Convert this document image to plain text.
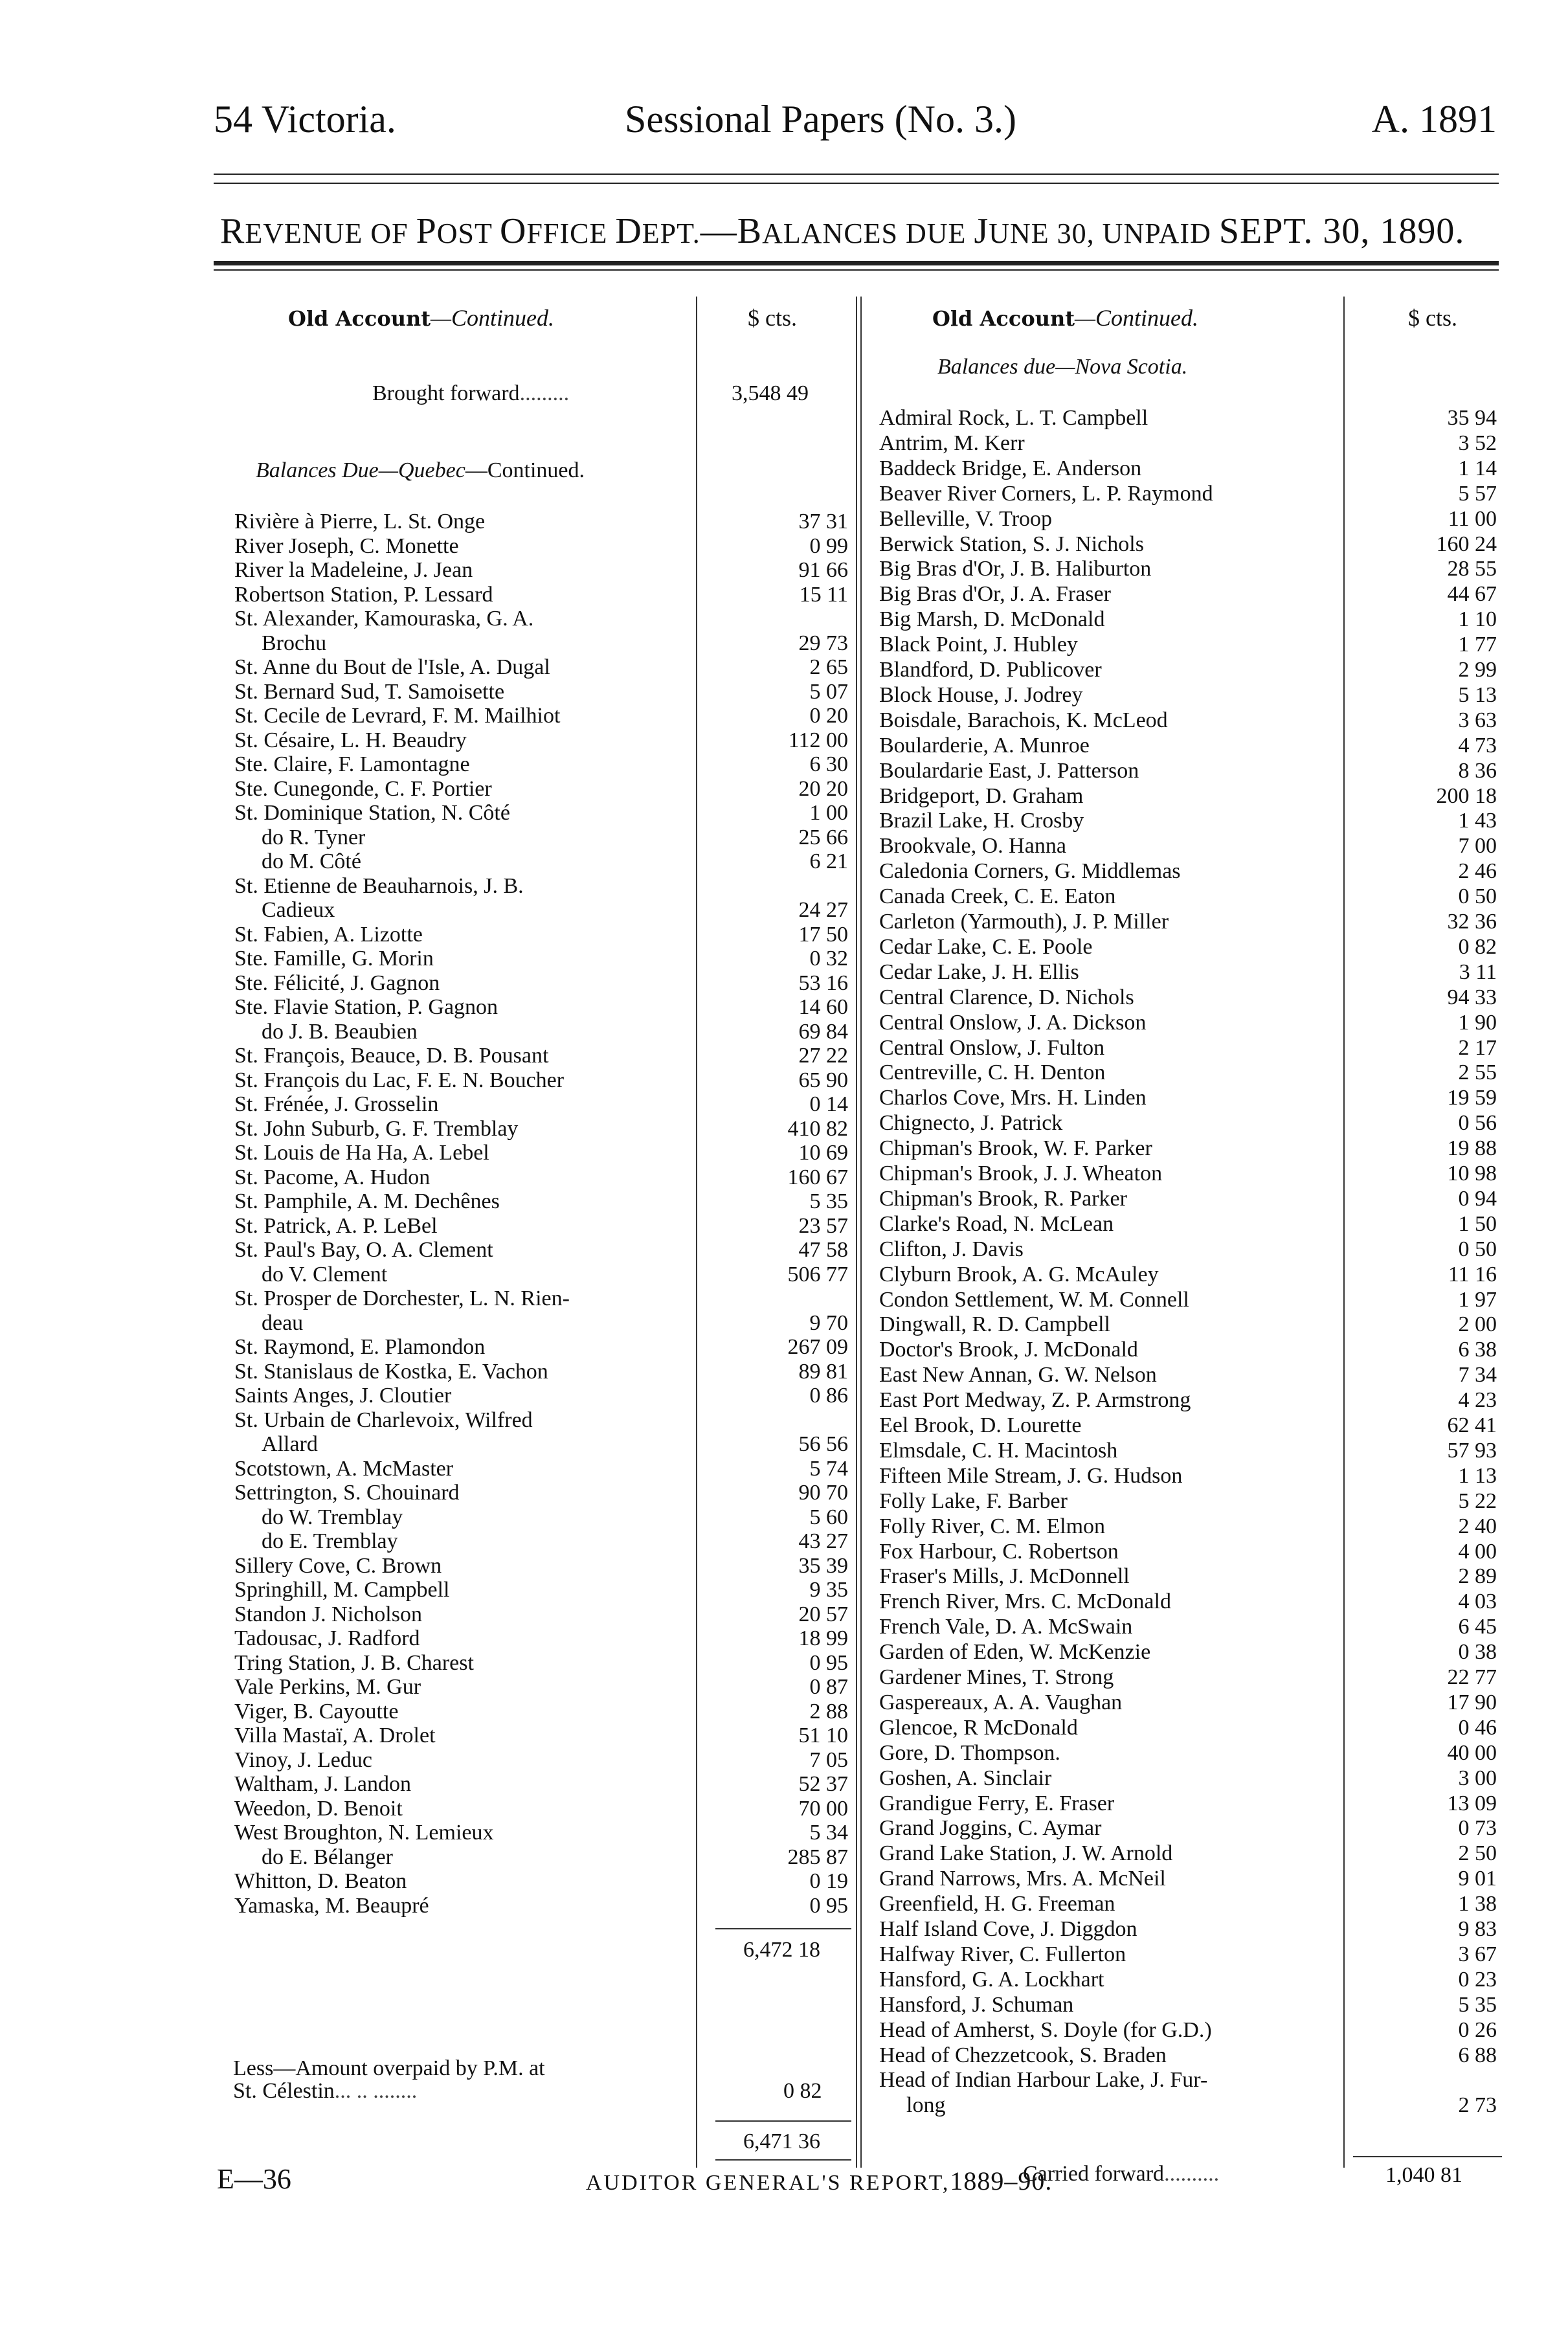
54 Victoria.	Sessional Papers (No. 3.)	A. 1891
REVENUE OF POST OFFICE DEPT.—BALANCES DUE JUNE 30, UNPAID SEPT. 30, 1890.
Old Account—Continued.	$ cts.	Old Account—Continued.	$ cts.
Brought forward.........	3,548 49
Balances Due—Quebec—Continued.
Rivière à Pierre, L. St. Onge	37 31
River Joseph, C. Monette	0 99
River la Madeleine, J. Jean	91 66
Robertson Station, P. Lessard	15 11
St. Alexander, Kamouraska, G. A.
Brochu	29 73
St. Anne du Bout de l'Isle, A. Dugal	2 65
St. Bernard Sud, T. Samoisette	5 07
St. Cecile de Levrard, F. M. Mailhiot	0 20
St. Césaire, L. H. Beaudry	112 00
Ste. Claire, F. Lamontagne	6 30
Ste. Cunegonde, C. F. Portier	20 20
St. Dominique Station, N. Côté	1 00
do R. Tyner	25 66
do M. Côté	6 21
St. Etienne de Beauharnois, J. B.
Cadieux	24 27
St. Fabien, A. Lizotte	17 50
Ste. Famille, G. Morin	0 32
Ste. Félicité, J. Gagnon	53 16
Ste. Flavie Station, P. Gagnon	14 60
do J. B. Beaubien	69 84
St. François, Beauce, D. B. Pousant	27 22
St. François du Lac, F. E. N. Boucher	65 90
St. Frénée, J. Grosselin	0 14
St. John Suburb, G. F. Tremblay	410 82
St. Louis de Ha Ha, A. Lebel	10 69
St. Pacome, A. Hudon	160 67
St. Pamphile, A. M. Dechênes	5 35
St. Patrick, A. P. LeBel	23 57
St. Paul's Bay, O. A. Clement	47 58
do V. Clement	506 77
St. Prosper de Dorchester, L. N. Rien-
deau	9 70
St. Raymond, E. Plamondon	267 09
St. Stanislaus de Kostka, E. Vachon	89 81
Saints Anges, J. Cloutier	0 86
St. Urbain de Charlevoix, Wilfred
Allard	56 56
Scotstown, A. McMaster	5 74
Settrington, S. Chouinard	90 70
do W. Tremblay	5 60
do E. Tremblay	43 27
Sillery Cove, C. Brown	35 39
Springhill, M. Campbell	9 35
Standon J. Nicholson	20 57
Tadousac, J. Radford	18 99
Tring Station, J. B. Charest	0 95
Vale Perkins, M. Gur	0 87
Viger, B. Cayoutte	2 88
Villa Mastaï, A. Drolet	51 10
Vinoy, J. Leduc	7 05
Waltham, J. Landon	52 37
Weedon, D. Benoit	70 00
West Broughton, N. Lemieux	5 34
do E. Bélanger	285 87
Whitton, D. Beaton	0 19
Yamaska, M. Beaupré	0 95
6,472 18
Less—Amount overpaid by P.M. at
St. Célestin... .. ........	0 82
6,471 36
Balances due—Nova Scotia.
Admiral Rock, L. T. Campbell	35 94
Antrim, M. Kerr	3 52
Baddeck Bridge, E. Anderson	1 14
Beaver River Corners, L. P. Raymond	5 57
Belleville, V. Troop	11 00
Berwick Station, S. J. Nichols	160 24
Big Bras d'Or, J. B. Haliburton	28 55
Big Bras d'Or, J. A. Fraser	44 67
Big Marsh, D. McDonald	1 10
Black Point, J. Hubley	1 77
Blandford, D. Publicover	2 99
Block House, J. Jodrey	5 13
Boisdale, Barachois, K. McLeod	3 63
Boularderie, A. Munroe	4 73
Boulardarie East, J. Patterson	8 36
Bridgeport, D. Graham	200 18
Brazil Lake, H. Crosby	1 43
Brookvale, O. Hanna	7 00
Caledonia Corners, G. Middlemas	2 46
Canada Creek, C. E. Eaton	0 50
Carleton (Yarmouth), J. P. Miller	32 36
Cedar Lake, C. E. Poole	0 82
Cedar Lake, J. H. Ellis	3 11
Central Clarence, D. Nichols	94 33
Central Onslow, J. A. Dickson	1 90
Central Onslow, J. Fulton	2 17
Centreville, C. H. Denton	2 55
Charlos Cove, Mrs. H. Linden	19 59
Chignecto, J. Patrick	0 56
Chipman's Brook, W. F. Parker	19 88
Chipman's Brook, J. J. Wheaton	10 98
Chipman's Brook, R. Parker	0 94
Clarke's Road, N. McLean	1 50
Clifton, J. Davis	0 50
Clyburn Brook, A. G. McAuley	11 16
Condon Settlement, W. M. Connell	1 97
Dingwall, R. D. Campbell	2 00
Doctor's Brook, J. McDonald	6 38
East New Annan, G. W. Nelson	7 34
East Port Medway, Z. P. Armstrong	4 23
Eel Brook, D. Lourette	62 41
Elmsdale, C. H. Macintosh	57 93
Fifteen Mile Stream, J. G. Hudson	1 13
Folly Lake, F. Barber	5 22
Folly River, C. M. Elmon	2 40
Fox Harbour, C. Robertson	4 00
Fraser's Mills, J. McDonnell	2 89
French River, Mrs. C. McDonald	4 03
French Vale, D. A. McSwain	6 45
Garden of Eden, W. McKenzie	0 38
Gardener Mines, T. Strong	22 77
Gaspereaux, A. A. Vaughan	17 90
Glencoe, R McDonald	0 46
Gore, D. Thompson.	40 00
Goshen, A. Sinclair	3 00
Grandigue Ferry, E. Fraser	13 09
Grand Joggins, C. Aymar	0 73
Grand Lake Station, J. W. Arnold	2 50
Grand Narrows, Mrs. A. McNeil	9 01
Greenfield, H. G. Freeman	1 38
Half Island Cove, J. Diggdon	9 83
Halfway River, C. Fullerton	3 67
Hansford, G. A. Lockhart	0 23
Hansford, J. Schuman	5 35
Head of Amherst, S. Doyle (for G.D.)	0 26
Head of Chezzetcook, S. Braden	6 88
Head of Indian Harbour Lake, J. Fur-
long	2 73
Carried forward..........	1,040 81
E—36	AUDITOR GENERAL'S REPORT,1889–90.
